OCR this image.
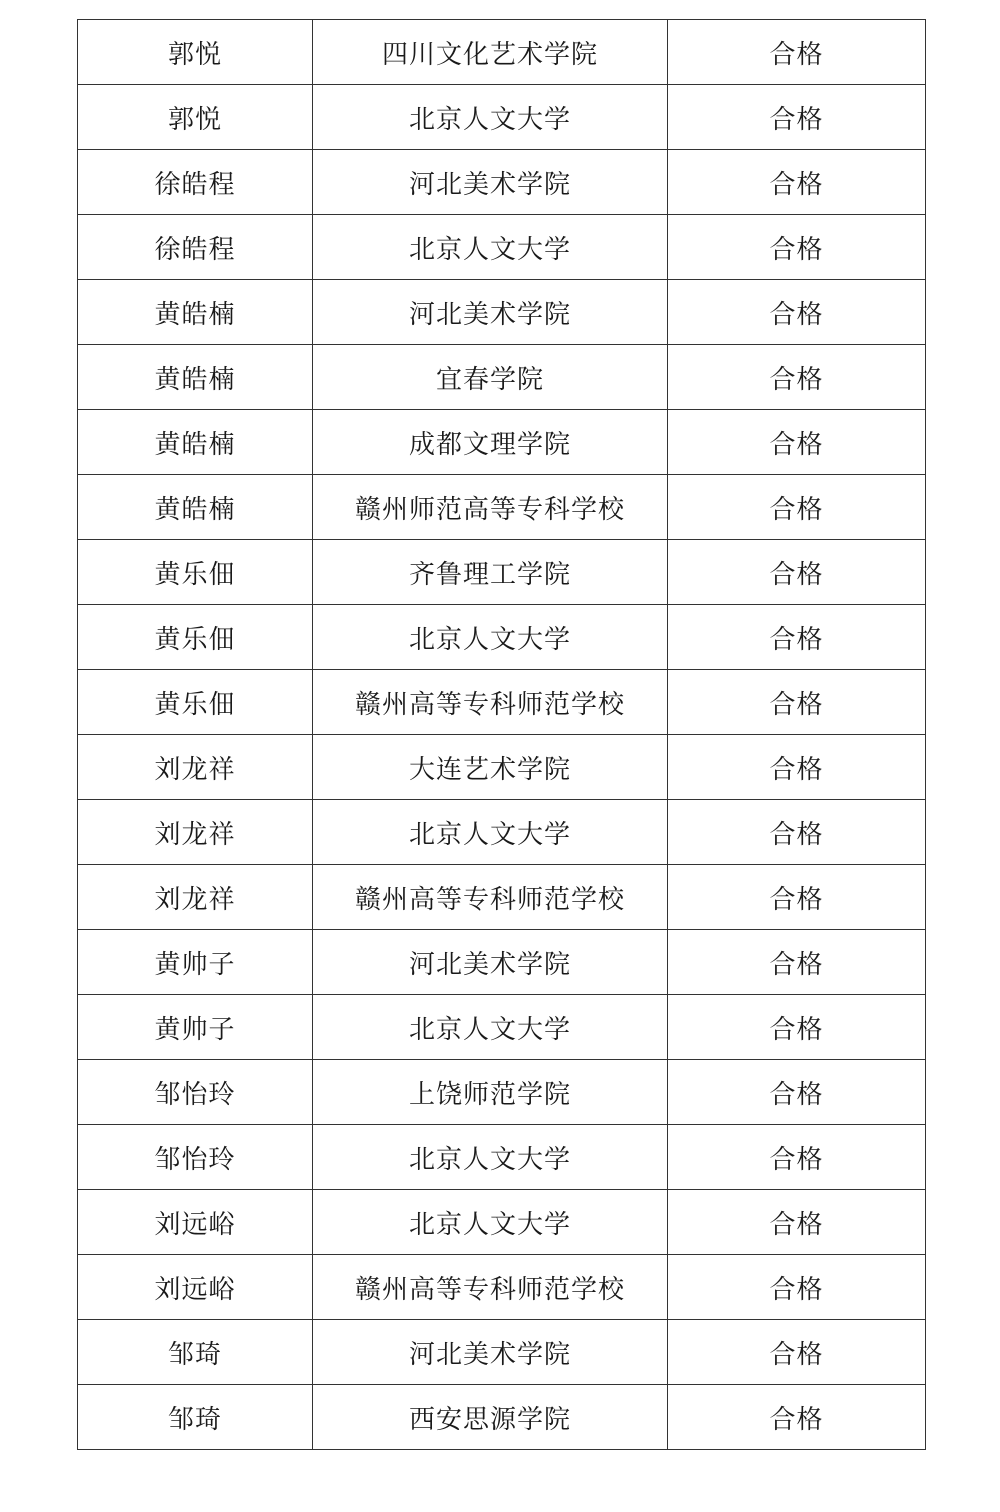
郭悦	四川文化艺术学院	合格
郭悦	北京人文大学	合格
徐皓程	河北美术学院	合格
徐皓程	北京人文大学	合格
黄皓楠	河北美术学院	合格
黄皓楠	宜春学院	合格
黄皓楠	成都文理学院	合格
黄皓楠	赣州师范高等专科学校	合格
黄乐佃	齐鲁理工学院	合格
黄乐佃	北京人文大学	合格
黄乐佃	赣州高等专科师范学校	合格
刘龙祥	大连艺术学院	合格
刘龙祥	北京人文大学	合格
刘龙祥	赣州高等专科师范学校	合格
黄帅子	河北美术学院	合格
黄帅子	北京人文大学	合格
邹怡玲	上饶师范学院	合格
邹怡玲	北京人文大学	合格
刘远峪	北京人文大学	合格
刘远峪	赣州高等专科师范学校	合格
邹琦	河北美术学院	合格
邹琦	西安思源学院	合格
